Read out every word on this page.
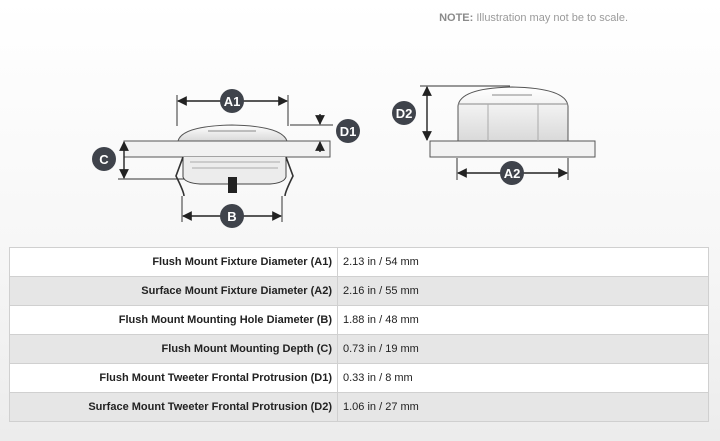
NOTE: Illustration may not be to scale.
A1
D1
C
B
D2
A2
Flush Mount Fixture Diameter (A1)	2.13 in / 54 mm
Surface Mount Fixture Diameter (A2)	2.16 in / 55 mm
Flush Mount Mounting Hole Diameter (B)	1.88 in / 48 mm
Flush Mount Mounting Depth (C)	0.73 in / 19 mm
Flush Mount Tweeter Frontal Protrusion (D1)	0.33 in / 8 mm
Surface Mount Tweeter Frontal Protrusion (D2)	1.06 in / 27 mm
